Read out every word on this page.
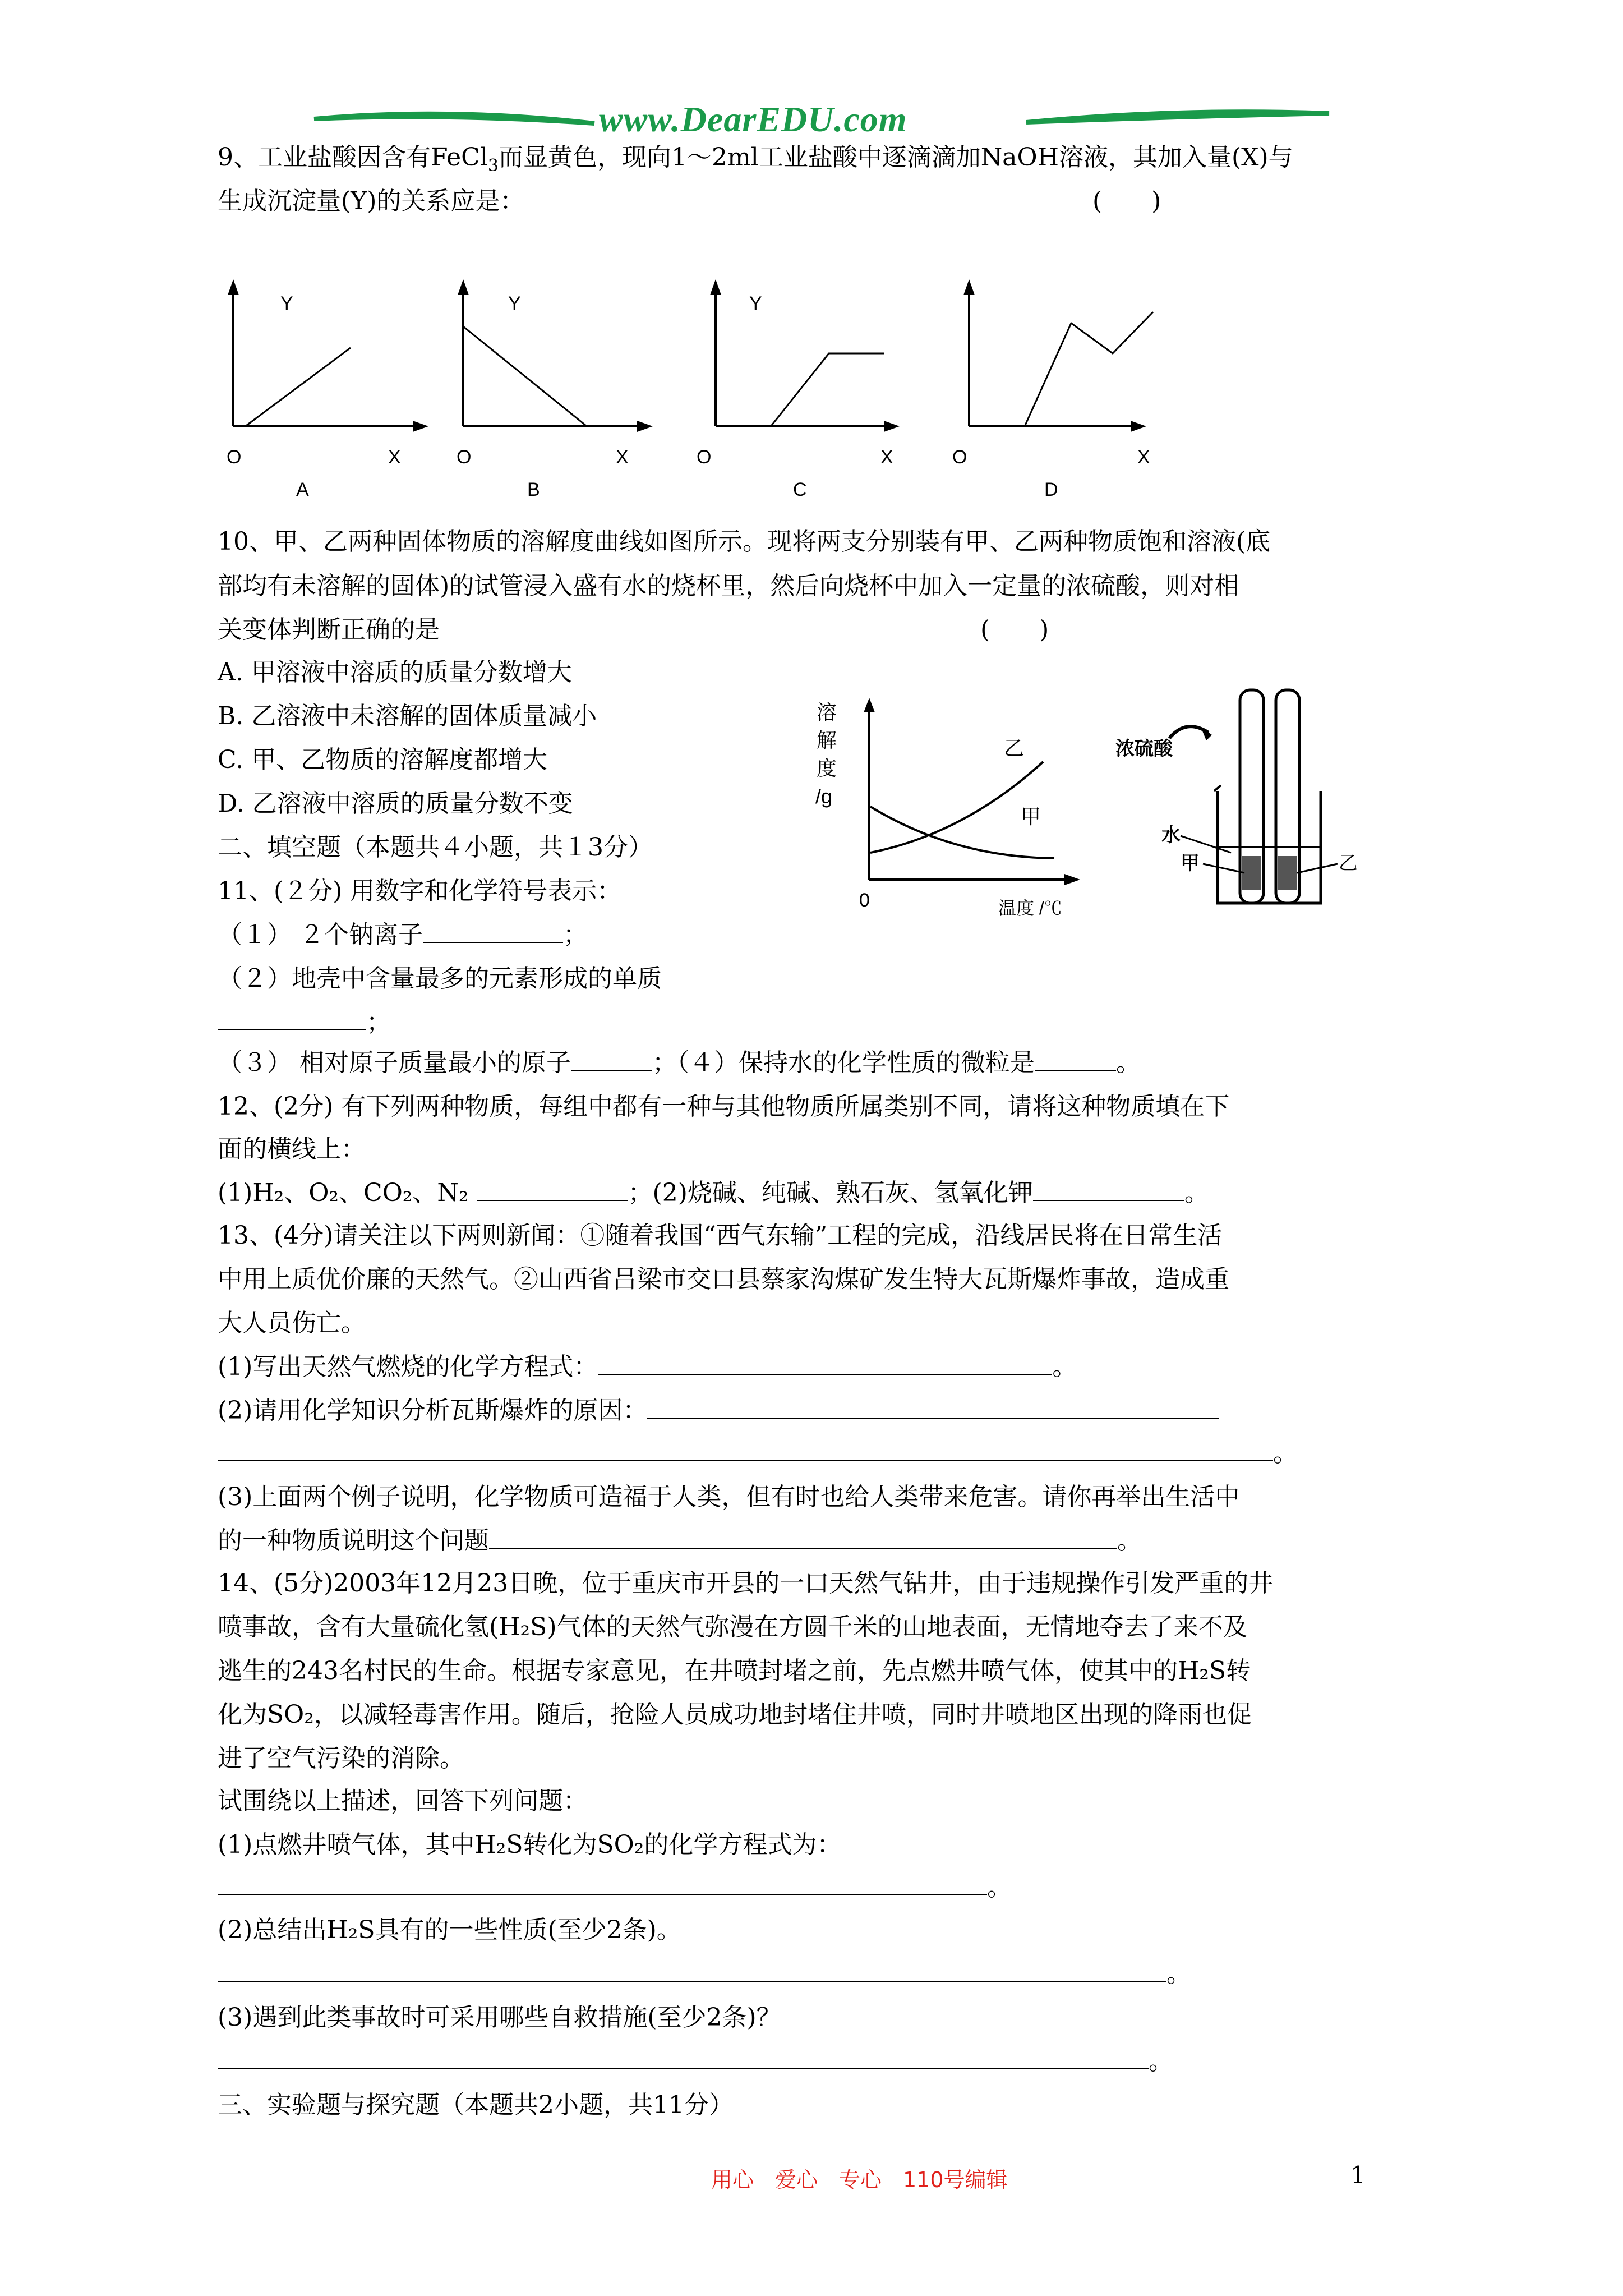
www.DearEDU.com
9、工业盐酸因含有FeCl$_3$而显黄色，现向1～2ml工业盐酸中逐滴滴加NaOH溶液，其加入量(X)与
生成沉淀量(Y)的关系应是：	(　　)
Y
O	X
A
Y
O	X
B
Y
O	X
C
O	X
D
10、甲、乙两种固体物质的溶解度曲线如图所示。现将两支分别装有甲、乙两种物质饱和溶液(底
部均有未溶解的固体)的试管浸入盛有水的烧杯里，然后向烧杯中加入一定量的浓硫酸，则对相
关变体判断正确的是	(　　)
A. 甲溶液中溶质的质量分数增大
B. 乙溶液中未溶解的固体质量减小
C. 甲、乙物质的溶解度都增大
D. 乙溶液中溶质的质量分数不变
溶
解
度
/g
乙
甲
0	温度 /℃
浓硫酸
水
甲	乙
二、填空题（本题共４小题，共１3分）
11、(２分) 用数字和化学符号表示：
（１） ２个钠离子	；
（２）地壳中含量最多的元素形成的单质
；
（３） 相对原子质量最小的原子	；（４）保持水的化学性质的微粒是	。
12、(2分) 有下列两种物质，每组中都有一种与其他物质所属类别不同，请将这种物质填在下
面的横线上：
(1)H₂、O₂、CO₂、N₂	；(2)烧碱、纯碱、熟石灰、氢氧化钾	。
13、(4分)请关注以下两则新闻：①随着我国“西气东输”工程的完成，沿线居民将在日常生活
中用上质优价廉的天然气。②山西省吕梁市交口县蔡家沟煤矿发生特大瓦斯爆炸事故，造成重
大人员伤亡。
(1)写出天然气燃烧的化学方程式：	。
(2)请用化学知识分析瓦斯爆炸的原因：
。
(3)上面两个例子说明，化学物质可造福于人类，但有时也给人类带来危害。请你再举出生活中
的一种物质说明这个问题	。
14、(5分)2003年12月23日晚，位于重庆市开县的一口天然气钻井，由于违规操作引发严重的井
喷事故，含有大量硫化氢(H₂S)气体的天然气弥漫在方圆千米的山地表面，无情地夺去了来不及
逃生的243名村民的生命。根据专家意见，在井喷封堵之前，先点燃井喷气体，使其中的H₂S转
化为SO₂，以减轻毒害作用。随后，抢险人员成功地封堵住井喷，同时井喷地区出现的降雨也促
进了空气污染的消除。
试围绕以上描述，回答下列问题：
(1)点燃井喷气体，其中H₂S转化为SO₂的化学方程式为：
。
(2)总结出H₂S具有的一些性质(至少2条)。
。
(3)遇到此类事故时可采用哪些自救措施(至少2条)？
。
三、实验题与探究题（本题共2小题，共11分）
用心　爱心　专心　110号编辑	1
